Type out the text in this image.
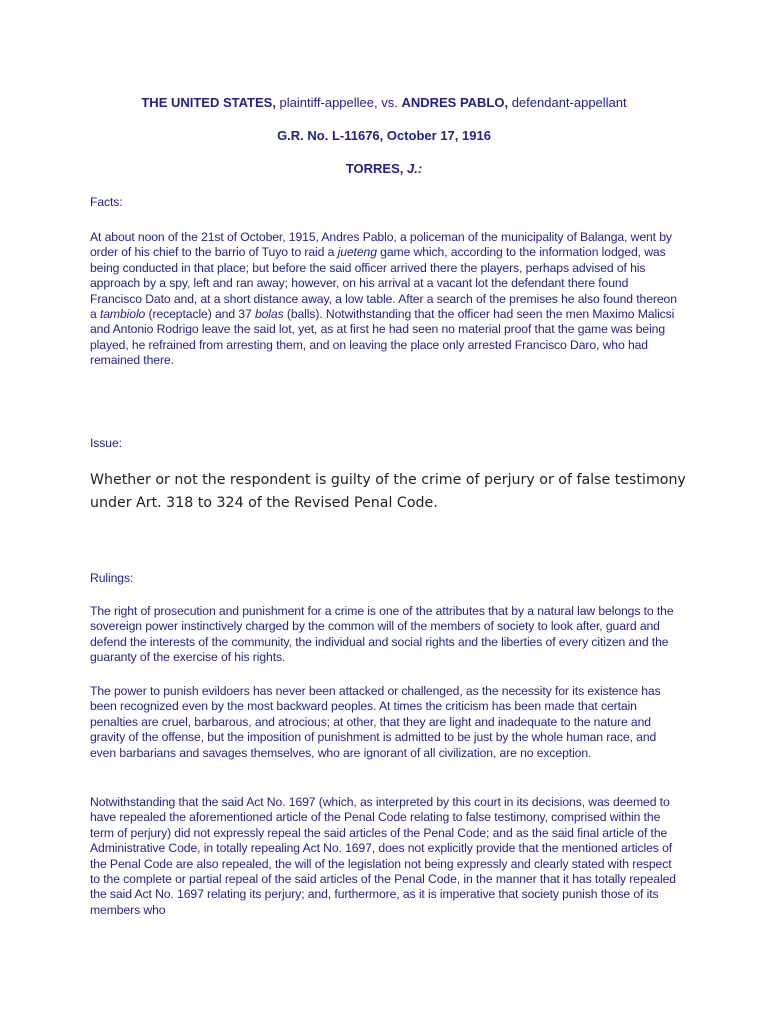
THE UNITED STATES, plaintiff-appellee, vs. ANDRES PABLO, defendant-appellant
G.R. No. L-11676, October 17, 1916
TORRES, J.:
Facts:
At about noon of the 21st of October, 1915, Andres Pablo, a policeman of the municipality of Balanga, went by order of his chief to the barrio of Tuyo to raid a jueteng game which, according to the information lodged, was being conducted in that place; but before the said officer arrived there the players, perhaps advised of his approach by a spy, left and ran away; however, on his arrival at a vacant lot the defendant there found Francisco Dato and, at a short distance away, a low table. After a search of the premises he also found thereon a tambiolo (receptacle) and 37 bolas (balls). Notwithstanding that the officer had seen the men Maximo Malicsi and Antonio Rodrigo leave the said lot, yet, as at first he had seen no material proof that the game was being played, he refrained from arresting them, and on leaving the place only arrested Francisco Daro, who had remained there.
Issue:
Whether or not the respondent is guilty of the crime of perjury or of false testimony under Art. 318 to 324 of the Revised Penal Code.
Rulings:
The right of prosecution and punishment for a crime is one of the attributes that by a natural law belongs to the sovereign power instinctively charged by the common will of the members of society to look after, guard and defend the interests of the community, the individual and social rights and the liberties of every citizen and the guaranty of the exercise of his rights.
The power to punish evildoers has never been attacked or challenged, as the necessity for its existence has been recognized even by the most backward peoples. At times the criticism has been made that certain penalties are cruel, barbarous, and atrocious; at other, that they are light and inadequate to the nature and gravity of the offense, but the imposition of punishment is admitted to be just by the whole human race, and even barbarians and savages themselves, who are ignorant of all civilization, are no exception.
Notwithstanding that the said Act No. 1697 (which, as interpreted by this court in its decisions, was deemed to have repealed the aforementioned article of the Penal Code relating to false testimony, comprised within the term of perjury) did not expressly repeal the said articles of the Penal Code; and as the said final article of the Administrative Code, in totally repealing Act No. 1697, does not explicitly provide that the mentioned articles of the Penal Code are also repealed, the will of the legislation not being expressly and clearly stated with respect to the complete or partial repeal of the said articles of the Penal Code, in the manner that it has totally repealed the said Act No. 1697 relating its perjury; and, furthermore, as it is imperative that society punish those of its members who
